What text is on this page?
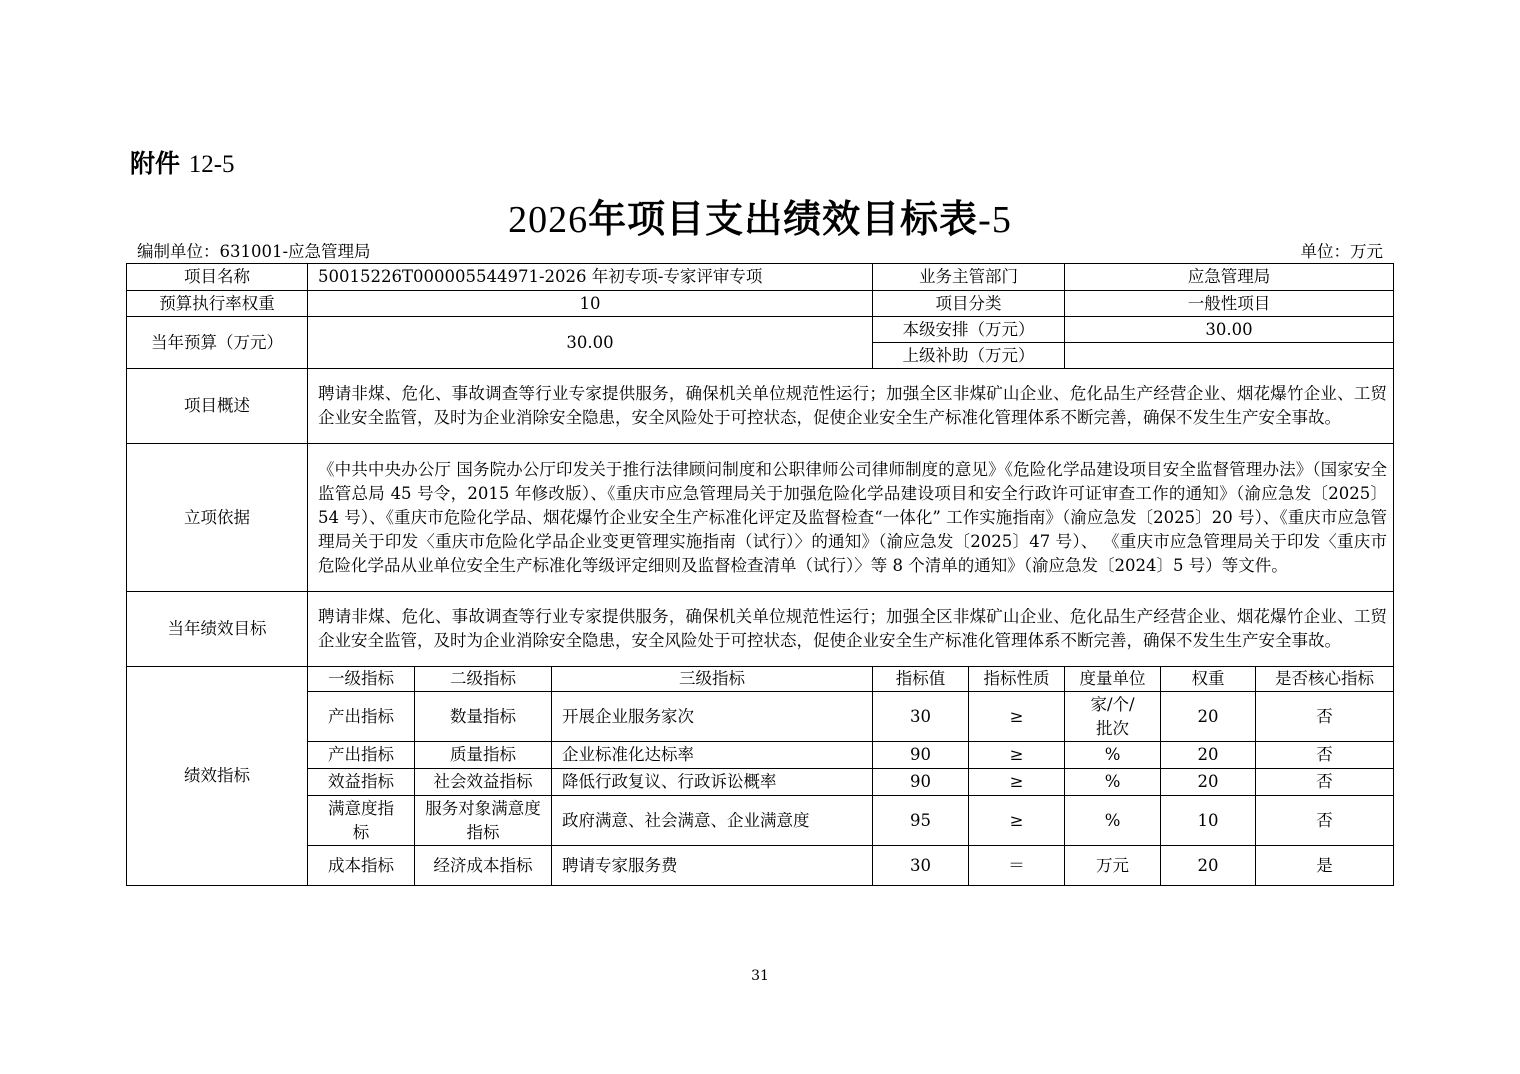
附件 12-5
2026年项目支出绩效目标表-5
编制单位：631001-应急管理局	单位：万元
项目名称	50015226T000005544971-2026 年初专项-专家评审专项			业务主管部门		应急管理局		
预算执行率权重	10			项目分类		一般性项目		
当年预算（万元）	30.00			本级安排（万元）		30.00		
				上级补助（万元）				
项目概述	聘请非煤、危化、事故调查等行业专家提供服务，确保机关单位规范性运行；加强全区非煤矿山企业、危化品生产经营企业、烟花爆竹企业、工贸企业安全监管，及时为企业消除安全隐患，安全风险处于可控状态，促使企业安全生产标准化管理体系不断完善，确保不发生生产安全事故。							
立项依据	《中共中央办公厅 国务院办公厅印发关于推行法律顾问制度和公职律师公司律师制度的意见》《危险化学品建设项目安全监督管理办法》（国家安全监管总局 45 号令，2015 年修改版）、《重庆市应急管理局关于加强危险化学品建设项目和安全行政许可证审查工作的通知》（渝应急发〔2025〕54 号）、《重庆市危险化学品、烟花爆竹企业安全生产标准化评定及监督检查“一体化” 工作实施指南》（渝应急发〔2025〕20 号）、《重庆市应急管理局关于印发〈重庆市危险化学品企业变更管理实施指南（试行）〉的通知》（渝应急发〔2025〕47 号）、 《重庆市应急管理局关于印发〈重庆市危险化学品从业单位安全生产标准化等级评定细则及监督检查清单（试行）〉等 8 个清单的通知》（渝应急发〔2024〕5 号）等文件。							
当年绩效目标	聘请非煤、危化、事故调查等行业专家提供服务，确保机关单位规范性运行；加强全区非煤矿山企业、危化品生产经营企业、烟花爆竹企业、工贸企业安全监管，及时为企业消除安全隐患，安全风险处于可控状态，促使企业安全生产标准化管理体系不断完善，确保不发生生产安全事故。							
绩效指标	一级指标	二级指标	三级指标	指标值	指标性质	度量单位	权重	是否核心指标
	产出指标	数量指标	开展企业服务家次	30	≥	家/个/批次	20	否
	产出指标	质量指标	企业标准化达标率	90	≥	%	20	否
	效益指标	社会效益指标	降低行政复议、行政诉讼概率	90	≥	%	20	否
	满意度指标	服务对象满意度指标	政府满意、社会满意、企业满意度	95	≥	%	10	否
	成本指标	经济成本指标	聘请专家服务费	30	＝	万元	20	是
31
